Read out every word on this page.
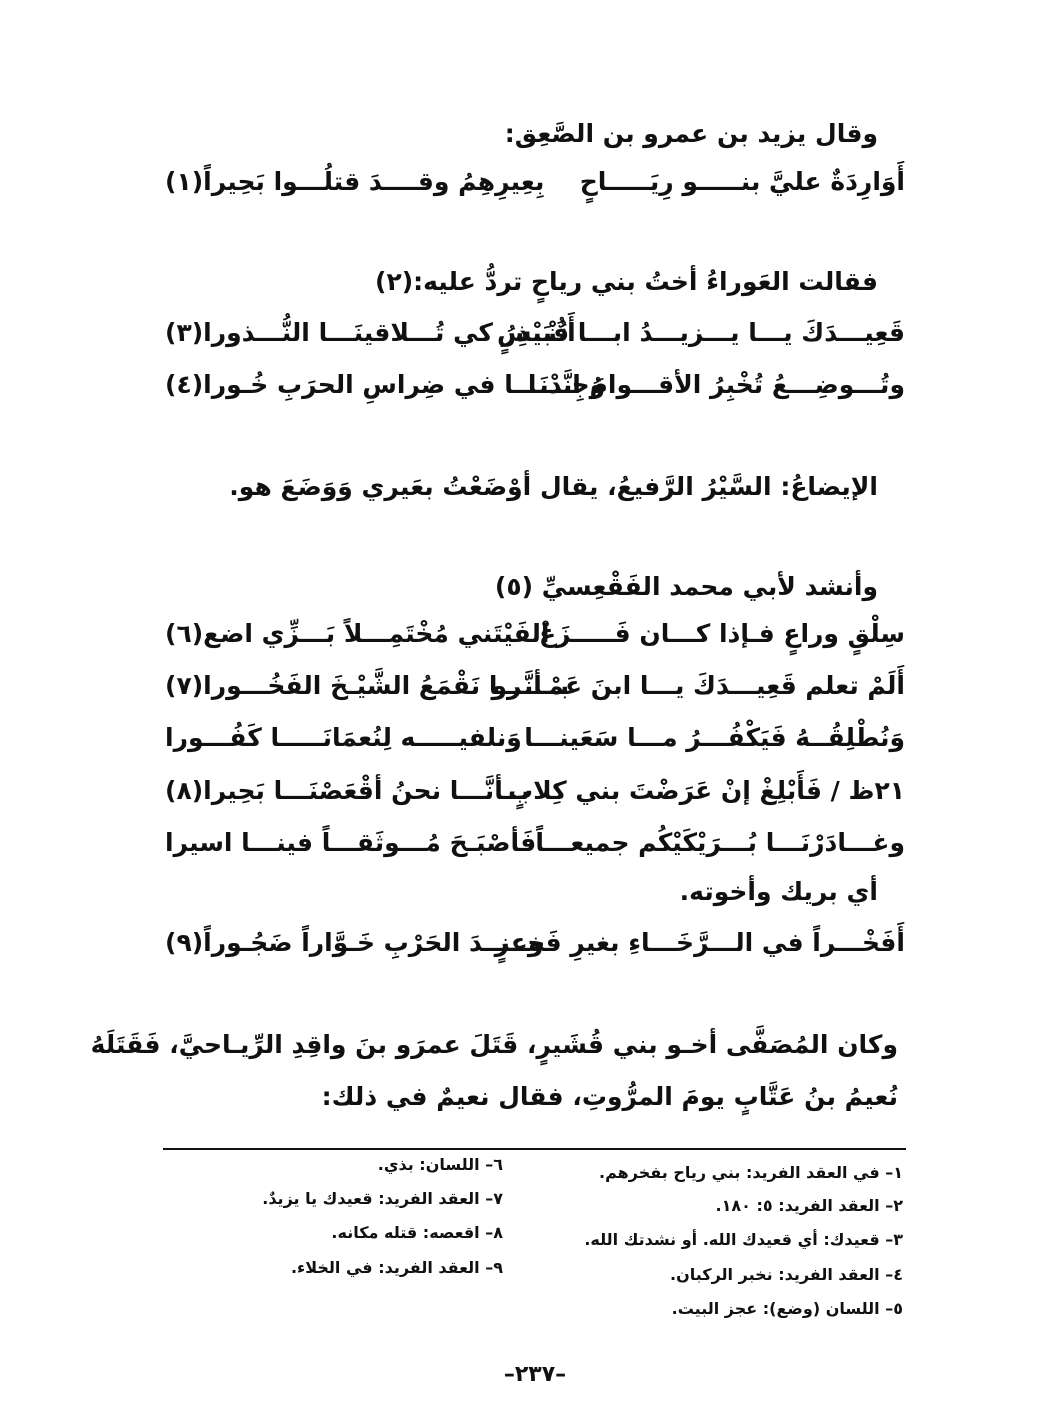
وقال يزيد بن عمرو بن الصَّعِق:
أَوَارِدَةٌ عليَّ بنـــــو رِيَـــــاحٍ
بِعِيرِهِمُ وقــــدَ قتلُـــوا بَحِيراً(١)
فقالت العَوراءُ أختُ بني رياحٍ تردُّ عليه:(٢)
قَعِيـــدَكَ يـــا يـــزيـــدُ ابـــا قُبَيْسٍ
أَتُنْــذِرُ كي تُـــلاقينَـــا النُّـــذورا(٣)
وتُـــوضِـــعُ تُخْبِرُ الأقـــوامَ انَّـــا
وُجِـدْنَـــا في ضِراسِ الحرَبِ خُـورا(٤)
الإيضاعُ: السَّيْرُ الرَّفيعُ، يقال أوْضَعْتُ بعَيري وَوَضَعَ هو.
وأنشد لأبي محمد الفَقْعِسيِّ (٥)
سِلْقٍ وراعٍ فـإذا كـــان فَـــــزَعْ
الفَيْتَني مُخْتَمِـــلاً بَـــزِّي اضع(٦)
أَلَمْ تعلم قَعِيـــدَكَ يـــا ابنَ عَمْـــرو
بــأنَّـــا نَقْمَعُ الشَّيْـخَ الفَخُـــورا(٧)
وَنُطْلِقُــهُ فَيَكْفُـــرُ مـــا سَعَينـــا
وَنلفيـــــه لِنُعمَانَـــــا كَفُـــورا
٢١ظ / فَأَبْلِغْ إنْ عَرَضْتَ بني كِلابٍ
بــأنَّـــا نحنُ أقْعَصْنَـــا بَحِيرا(٨)
وغـــادَرْنَـــا بُـــرَيْكَيْكُم جميعـــاً
فَأصْبَـحَ مُـــوثَقـــاً فينـــا اسيرا
أي بريك وأخوته.
أَفَخْـــراً في الـــرَّخَـــاءِ بغيرِ فَخــرٍ
وعنــدَ الحَرْبِ خَـوَّاراً ضَجُـوراً(٩)
وكان المُصَفَّى أخـو بني قُشَيرٍ، قَتَلَ عمرَو بنَ واقِدِ الرِّيـاحيَّ، فَقَتَلَهُ
نُعيمُ بنُ عَتَّابٍ يومَ المرُّوتِ، فقال نعيمٌ في ذلك:
١– في العقد الفريد: بني رياح بفخرهم.
٢– العقد الفريد: ٥: ١٨٠.
٣– قعيدك: أي قعيدك الله. أو نشدتك الله.
٤– العقد الفريد: نخبر الركبان.
٥– اللسان (وضع): عجز البيت.
٦– اللسان: بذي.
٧– العقد الفريد: قعيدك يا يزيدٌ.
٨– اقعصه: قتله مكانه.
٩– العقد الفريد: في الخلاء.
–٢٣٧–
